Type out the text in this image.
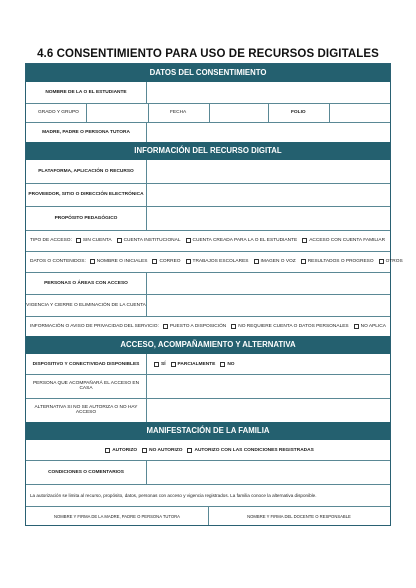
4.6 CONSENTIMIENTO PARA USO DE RECURSOS DIGITALES
DATOS DEL CONSENTIMIENTO
NOMBRE DE LA O EL ESTUDIANTE
GRADO Y GRUPO	FECHA	FOLIO
MADRE, PADRE O PERSONA TUTORA
INFORMACIÓN DEL RECURSO DIGITAL
PLATAFORMA, APLICACIÓN O RECURSO
PROVEEDOR, SITIO O DIRECCIÓN ELECTRÓNICA
PROPÓSITO PEDAGÓGICO
TIPO DE ACCESO: SIN CUENTA	CUENTA INSTITUCIONAL	CUENTA CREADA PARA LA O EL ESTUDIANTE	ACCESO CON CUENTA FAMILIAR
DATOS O CONTENIDOS: NOMBRE O INICIALES	CORREO	TRABAJOS ESCOLARES	IMAGEN O VOZ	RESULTADOS O PROGRESO	OTROS
PERSONAS O ÁREAS CON ACCESO
VIGENCIA Y CIERRE O ELIMINACIÓN DE LA CUENTA
INFORMACIÓN O AVISO DE PRIVACIDAD DEL SERVICIO: PUESTO A DISPOSICIÓN	NO REQUIERE CUENTA O DATOS PERSONALES	NO APLICA
ACCESO, ACOMPAÑAMIENTO Y ALTERNATIVA
DISPOSITIVO Y CONECTIVIDAD DISPONIBLES	SÍ	PARCIALMENTE	NO
PERSONA QUE ACOMPAÑARÁ EL ACCESO EN CASA
ALTERNATIVA SI NO SE AUTORIZA O NO HAY ACCESO
MANIFESTACIÓN DE LA FAMILIA
AUTORIZO	NO AUTORIZO	AUTORIZO CON LAS CONDICIONES REGISTRADAS
CONDICIONES O COMENTARIOS
La autorización se limita al recurso, propósito, datos, personas con acceso y vigencia registrados. La familia conoce la alternativa disponible.
NOMBRE Y FIRMA DE LA MADRE, PADRE O PERSONA TUTORA	NOMBRE Y FIRMA DEL DOCENTE O RESPONSABLE
